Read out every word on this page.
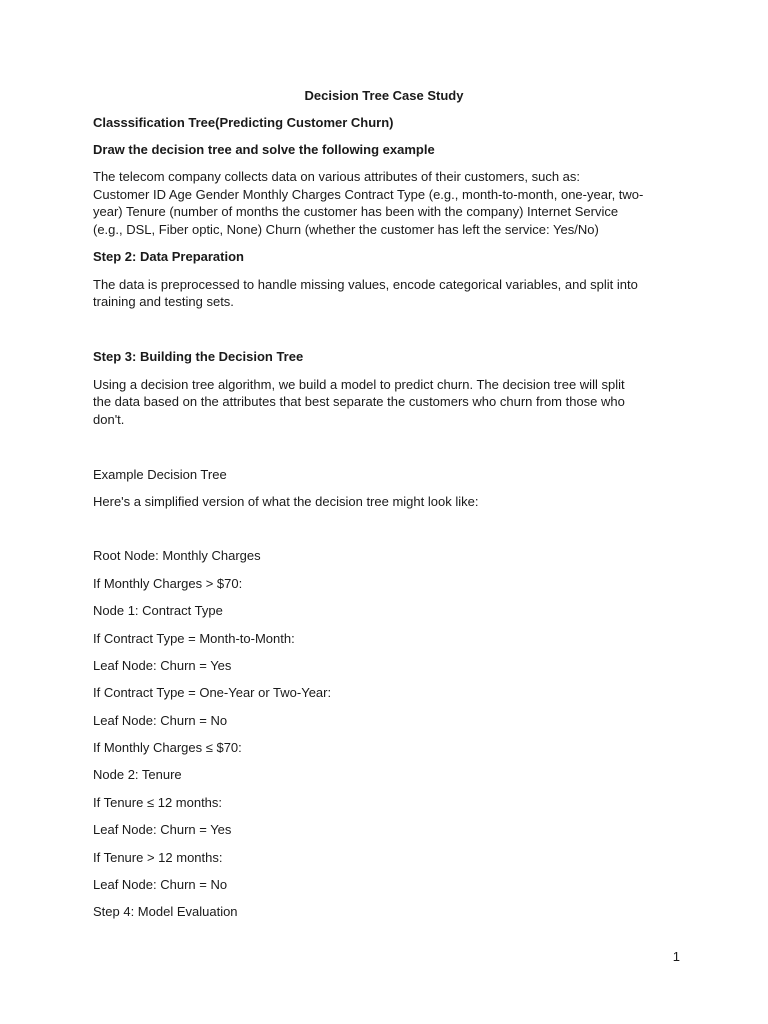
Decision Tree Case Study
Classsification Tree(Predicting Customer Churn)
Draw the decision tree and solve the following example
The telecom company collects data on various attributes of their customers, such as:
Customer ID Age Gender Monthly Charges Contract Type (e.g., month-to-month, one-year, two-
year) Tenure (number of months the customer has been with the company) Internet Service
(e.g., DSL, Fiber optic, None) Churn (whether the customer has left the service: Yes/No)
Step 2: Data Preparation
The data is preprocessed to handle missing values, encode categorical variables, and split into
training and testing sets.
Step 3: Building the Decision Tree
Using a decision tree algorithm, we build a model to predict churn. The decision tree will split
the data based on the attributes that best separate the customers who churn from those who
don't.
Example Decision Tree
Here's a simplified version of what the decision tree might look like:
Root Node: Monthly Charges
If Monthly Charges > $70:
Node 1: Contract Type
If Contract Type = Month-to-Month:
Leaf Node: Churn = Yes
If Contract Type = One-Year or Two-Year:
Leaf Node: Churn = No
If Monthly Charges ≤ $70:
Node 2: Tenure
If Tenure ≤ 12 months:
Leaf Node: Churn = Yes
If Tenure > 12 months:
Leaf Node: Churn = No
Step 4: Model Evaluation
1
